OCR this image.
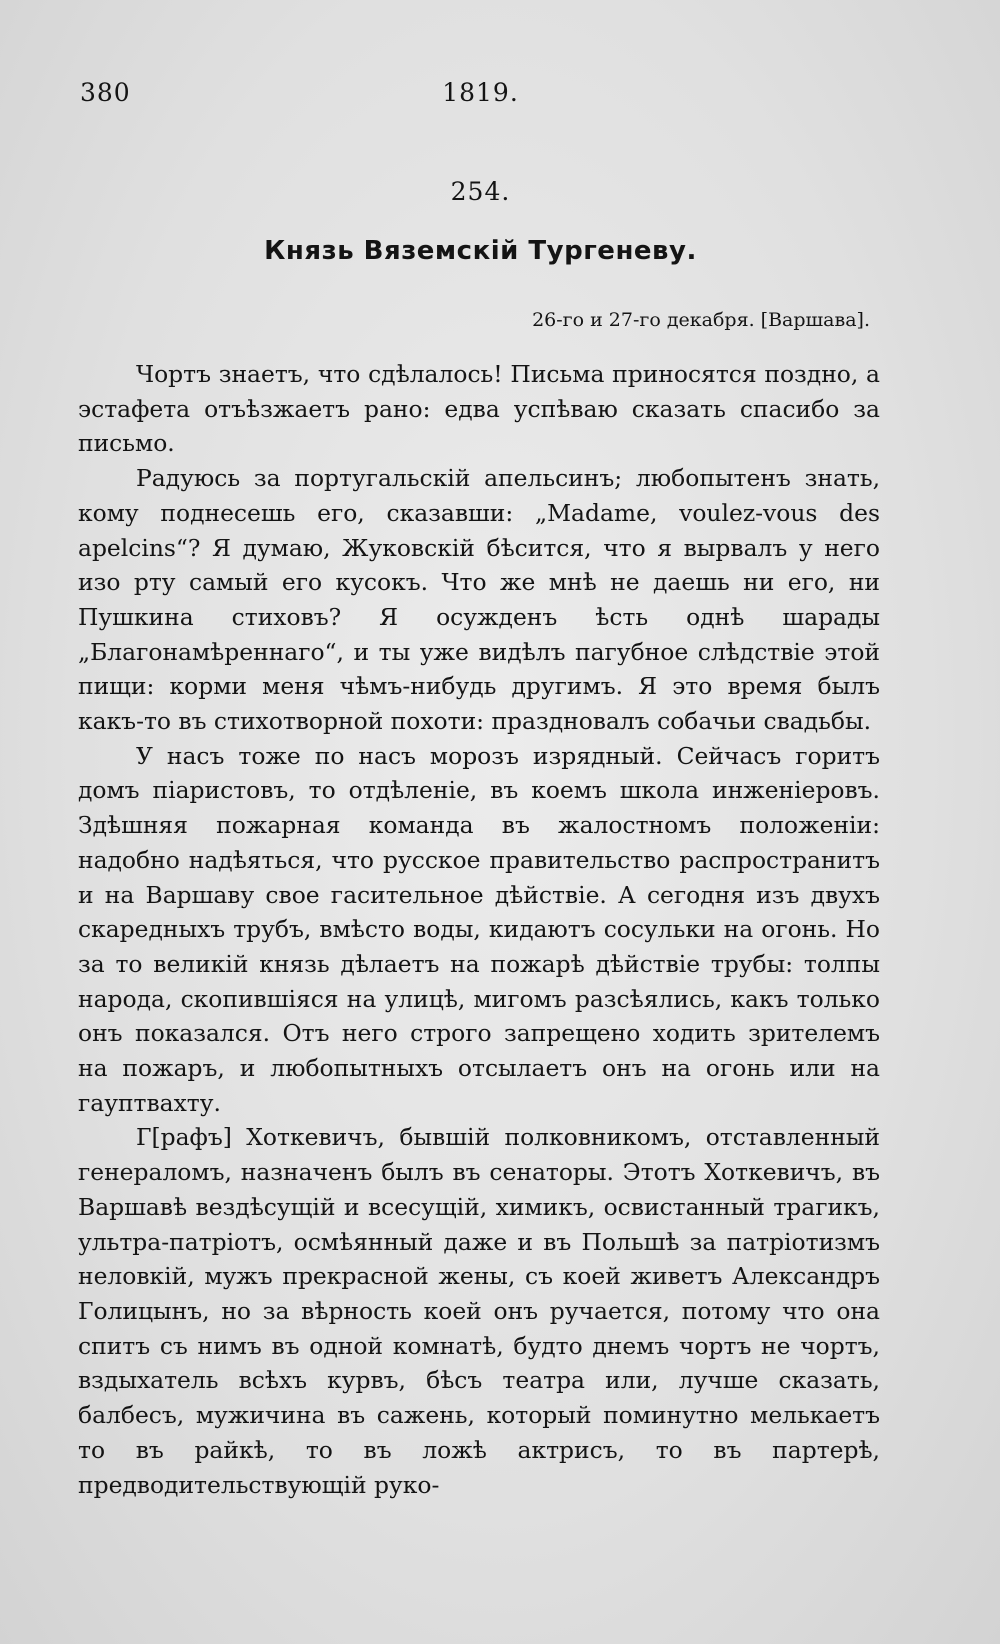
380	1819.
254.
Князь Вяземскій Тургеневу.
26-го и 27-го декабря. [Варшава].

Чортъ знаетъ, что сдѣлалось! Письма приносятся поздно, а эстафета отъѣзжаетъ рано: едва успѣваю сказать спасибо за письмо.

Радуюсь за португальскій апельсинъ; любопытенъ знать, кому поднесешь его, сказавши: „Madame, voulez-vous des apelcins“? Я думаю, Жуковскій бѣсится, что я вырвалъ у него изо рту самый его кусокъ. Что же мнѣ не даешь ни его, ни Пушкина стиховъ? Я осужденъ ѣсть однѣ шарады „Благонамѣреннаго“, и ты уже видѣлъ пагубное слѣдствіе этой пищи: корми меня чѣмъ-нибудь другимъ. Я это время былъ какъ-то въ стихотворной похоти: праздновалъ собачьи свадьбы.

У насъ тоже по насъ морозъ изрядный. Сейчасъ горитъ домъ піаристовъ, то отдѣленіе, въ коемъ школа инженіеровъ. Здѣшняя пожарная команда въ жалостномъ положеніи: надобно надѣяться, что русское правительство распространитъ и на Варшаву свое гасительное дѣйствіе. А сегодня изъ двухъ скаредныхъ трубъ, вмѣсто воды, кидаютъ сосульки на огонь. Но за то великій князь дѣлаетъ на пожарѣ дѣйствіе трубы: толпы народа, скопившіяся на улицѣ, мигомъ разсѣялись, какъ только онъ показался. Отъ него строго запрещено ходить зрителемъ на пожаръ, и любопытныхъ отсылаетъ онъ на огонь или на гауптвахту.

Г[рафъ] Хоткевичъ, бывшій полковникомъ, отставленный генераломъ, назначенъ былъ въ сенаторы. Этотъ Хоткевичъ, въ Варшавѣ вездѣсущій и всесущій, химикъ, освистанный трагикъ, ультра-патріотъ, осмѣянный даже и въ Польшѣ за патріотизмъ неловкій, мужъ прекрасной жены, съ коей живетъ Александръ Голицынъ, но за вѣрность коей онъ ручается, потому что она спитъ съ нимъ въ одной комнатѣ, будто днемъ чортъ не чортъ, вздыхатель всѣхъ курвъ, бѣсъ театра или, лучше сказать, балбесъ, мужичина въ сажень, который поминутно мелькаетъ то въ райкѣ, то въ ложѣ актрисъ, то въ партерѣ, предводительствующій руко-
